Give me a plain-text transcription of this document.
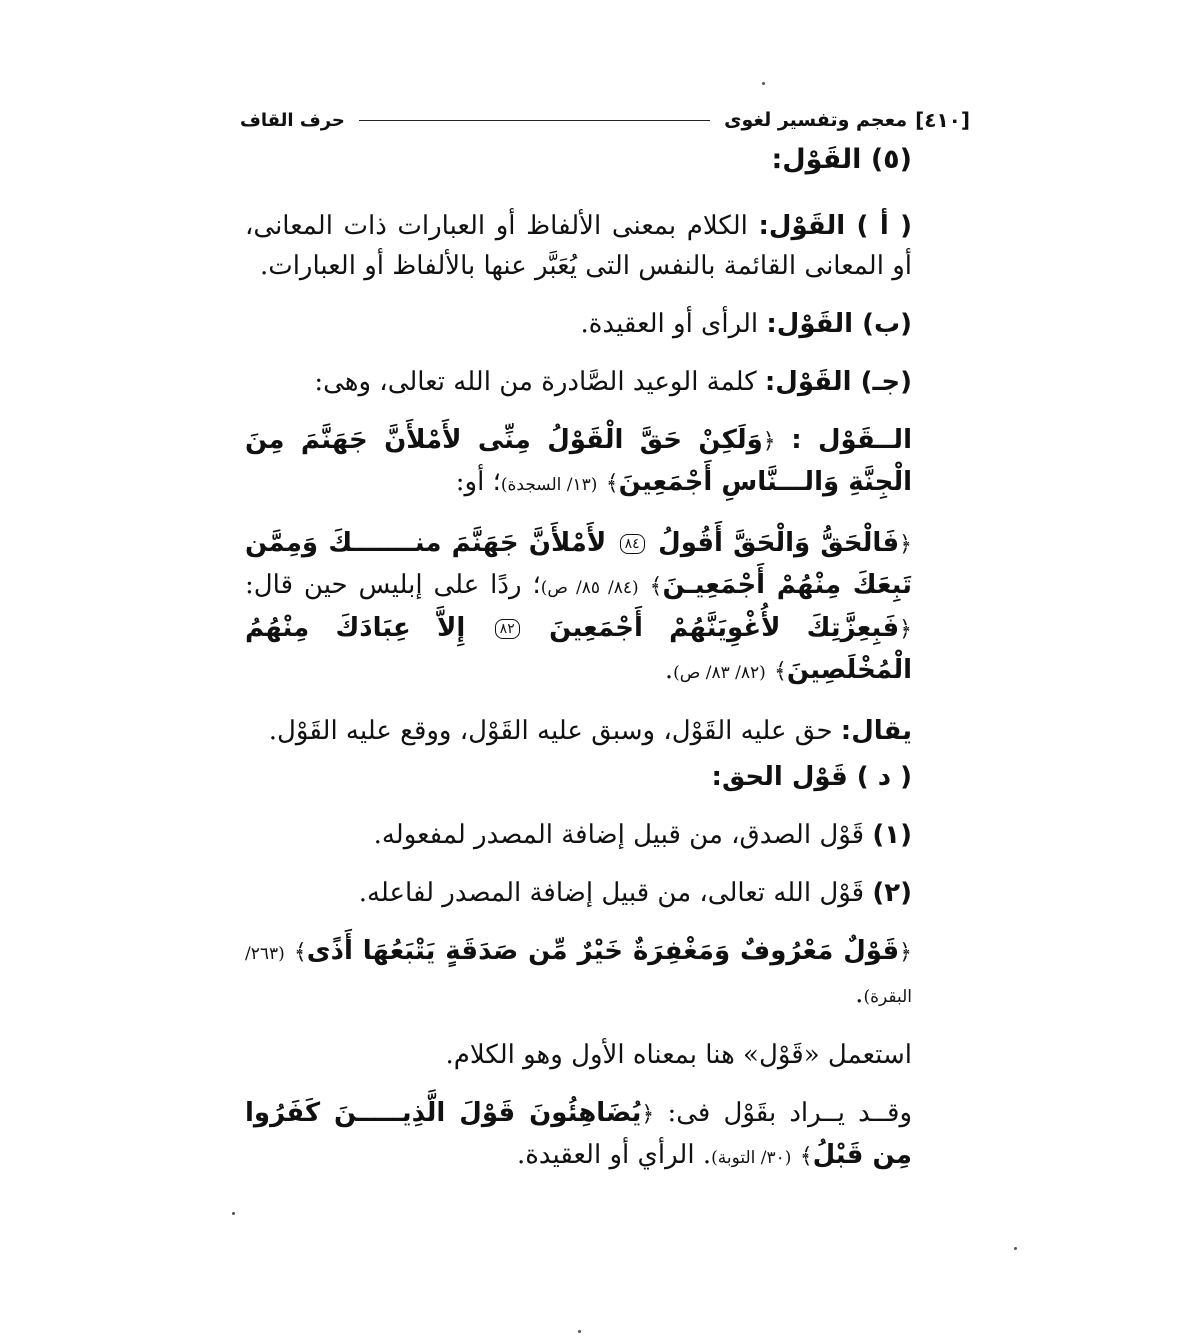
[٤١٠]
معجم وتفسير لغوى
حرف القاف

(٥) القَوْل:

( أ ) القَوْل: الكلام بمعنى الألفاظ أو العبارات ذات المعانى، أو المعانى القائمة بالنفس التى يُعَبَّر عنها بالألفاظ أو العبارات.

(ب) القَوْل: الرأى أو العقيدة.

(جـ) القَوْل: كلمة الوعيد الصَّادرة من الله تعالى، وهى:

الــقَوْل : ﴿وَلَكِنْ حَقَّ الْقَوْلُ مِنِّى لأَمْلأَنَّ جَهَنَّمَ مِنَ الْجِنَّةِ وَالـــنَّاسِ أَجْمَعِينَ﴾ (١٣/ السجدة)؛ أو:

﴿فَالْحَقُّ وَالْحَقَّ أَقُولُ ٨٤ لأَمْلأَنَّ جَهَنَّمَ منـــــــكَ وَمِمَّن تَبِعَكَ مِنْهُمْ أَجْمَعِيـنَ﴾ (٨٤/ ٨٥/ ص)؛ ردًا على إبليس حين قال: ﴿فَبِعِزَّتِكَ لأُغْوِيَنَّهُمْ أَجْمَعِينَ ٨٢ إِلاَّ عِبَادَكَ مِنْهُمُ الْمُخْلَصِينَ﴾ (٨٢/ ٨٣/ ص).

يقال: حق عليه القَوْل، وسبق عليه القَوْل، ووقع عليه القَوْل.

( د ) قَوْل الحق:

(١) قَوْل الصدق، من قبيل إضافة المصدر لمفعوله.

(٢) قَوْل الله تعالى، من قبيل إضافة المصدر لفاعله.

﴿قَوْلٌ مَعْرُوفٌ وَمَغْفِرَةٌ خَيْرٌ مِّن صَدَقَةٍ يَتْبَعُهَا أَذًى﴾ (٢٦٣/ البقرة).

استعمل «قَوْل» هنا بمعناه الأول وهو الكلام.

وقــد يــراد بقَوْل فى: ﴿يُضَاهِئُونَ قَوْلَ الَّذِيـــــنَ كَفَرُوا مِن قَبْلُ﴾ (٣٠/ التوبة). الرأي أو العقيدة.
